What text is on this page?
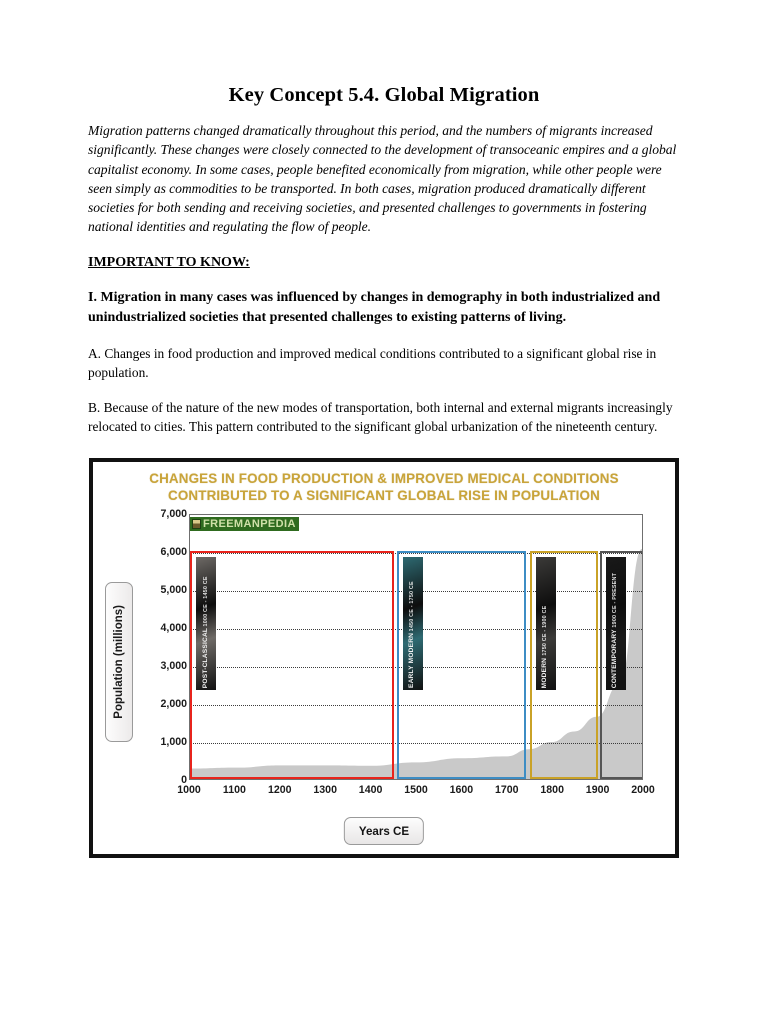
Key Concept 5.4. Global Migration

Migration patterns changed dramatically throughout this period, and the numbers of migrants increased significantly. These changes were closely connected to the development of transoceanic empires and a global capitalist economy. In some cases, people benefited economically from migration, while other people were seen simply as commodities to be transported. In both cases, migration produced dramatically different societies for both sending and receiving societies, and presented challenges to governments in fostering national identities and regulating the flow of people.

IMPORTANT TO KNOW:

I. Migration in many cases was influenced by changes in demography in both industrialized and unindustrialized societies that presented challenges to existing patterns of living.

A. Changes in food production and improved medical conditions contributed to a significant global rise in population.

B. Because of the nature of the new modes of transportation, both internal and external migrants increasingly relocated to cities. This pattern contributed to the significant global urbanization of the nineteenth century.

CHANGES IN FOOD PRODUCTION & IMPROVED MEDICAL CONDITIONS CONTRIBUTED TO A SIGNIFICANT GLOBAL RISE IN POPULATION
Population (millions)
0
1,000
2,000
3,000
4,000
5,000
6,000
7,000
POST-CLASSICAL 1000 CE - 1450 CE
EARLY MODERN 1450 CE - 1750 CE
MODERN 1750 CE - 1900 CE	CONTEMPORARY 1900 CE - PRESENT
FREEMANPEDIA
1000 1100 1200 1300 1400 1500 1600 1700 1800 1900 2000
Years CE
